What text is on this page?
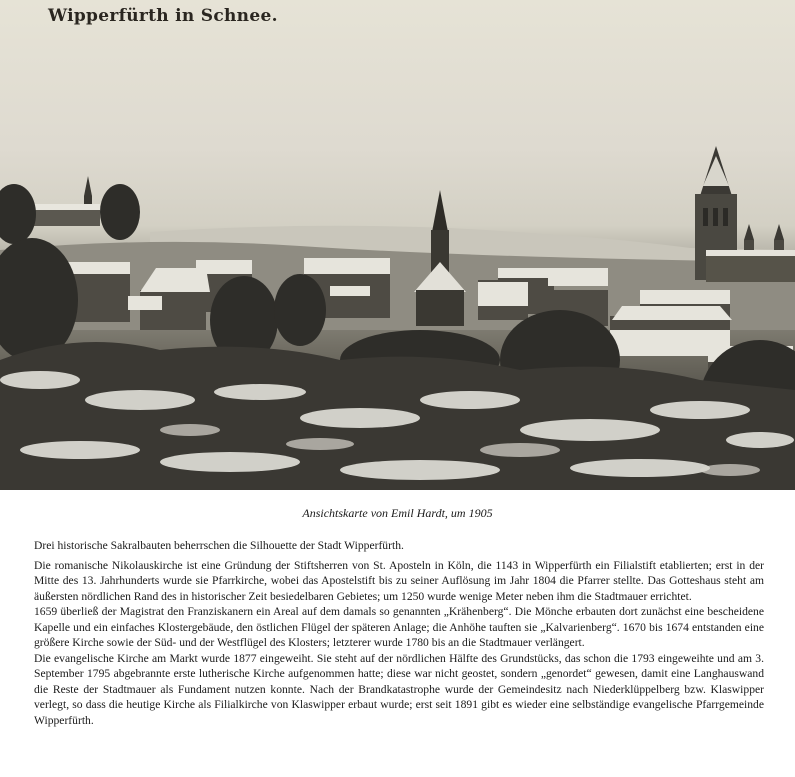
Wipperfürth in Schnee.
Ansichtskarte von Emil Hardt, um 1905

Drei historische Sakralbauten beherrschen die Silhouette der Stadt Wipperfürth.

Die romanische Nikolauskirche ist eine Gründung der Stiftsherren von St. Aposteln in Köln, die 1143 in Wipperfürth ein Filialstift etablierten; erst in der Mitte des 13. Jahrhunderts wurde sie Pfarrkirche, wobei das Apostelstift bis zu seiner Auflösung im Jahr 1804 die Pfarrer stellte. Das Gotteshaus steht am äußersten nördlichen Rand des in historischer Zeit besiedelbaren Gebietes; um 1250 wurde wenige Meter neben ihm die Stadtmauer errichtet.

1659 überließ der Magistrat den Franziskanern ein Areal auf dem damals so genannten „Krähenberg“. Die Mönche erbauten dort zunächst eine bescheidene Kapelle und ein einfaches Klostergebäude, den östlichen Flügel der späteren Anlage; die Anhöhe tauften sie „Kalvarienberg“. 1670 bis 1674 entstanden eine größere Kirche sowie der Süd- und der Westflügel des Klosters; letzterer wurde 1780 bis an die Stadtmauer verlängert.

Die evangelische Kirche am Markt wurde 1877 eingeweiht. Sie steht auf der nördlichen Hälfte des Grundstücks, das schon die 1793 eingeweihte und am 3. September 1795 abgebrannte erste lutherische Kirche aufgenommen hatte; diese war nicht geostet, sondern „genordet“ gewesen, damit eine Langhauswand die Reste der Stadtmauer als Fundament nutzen konnte. Nach der Brandkatastrophe wurde der Gemeindesitz nach Niederklüppelberg bzw. Klaswipper verlegt, so dass die heutige Kirche als Filialkirche von Klaswipper erbaut wurde; erst seit 1891 gibt es wieder eine selbständige evangelische Pfarrgemeinde Wipperfürth.
